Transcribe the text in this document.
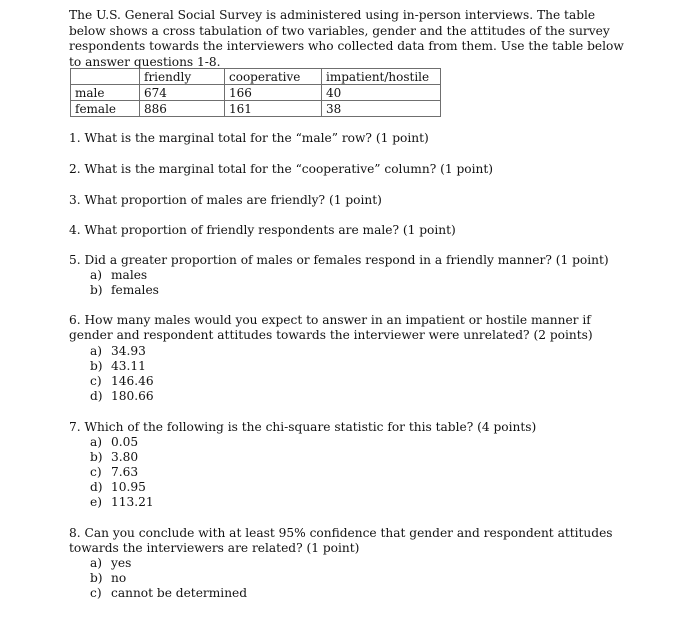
The U.S. General Social Survey is administered using in-person interviews. The table below shows a cross tabulation of two variables, gender and the attitudes of the survey respondents towards the interviewers who collected data from them. Use the table below to answer questions 1-8.
	friendly	cooperative	impatient/hostile
male	674	166	40
female	886	161	38
1. What is the marginal total for the “male” row? (1 point)
2. What is the marginal total for the “cooperative” column? (1 point)
3. What proportion of males are friendly? (1 point)
4. What proportion of friendly respondents are male? (1 point)
5. Did a greater proportion of males or females respond in a friendly manner? (1 point)
a) males
b) females
6. How many males would you expect to answer in an impatient or hostile manner if gender and respondent attitudes towards the interviewer were unrelated? (2 points)
a) 34.93
b) 43.11
c) 146.46
d) 180.66
7. Which of the following is the chi-square statistic for this table? (4 points)
a) 0.05
b) 3.80
c) 7.63
d) 10.95
e) 113.21
8. Can you conclude with at least 95% confidence that gender and respondent attitudes towards the interviewers are related? (1 point)
a) yes
b) no
c) cannot be determined
